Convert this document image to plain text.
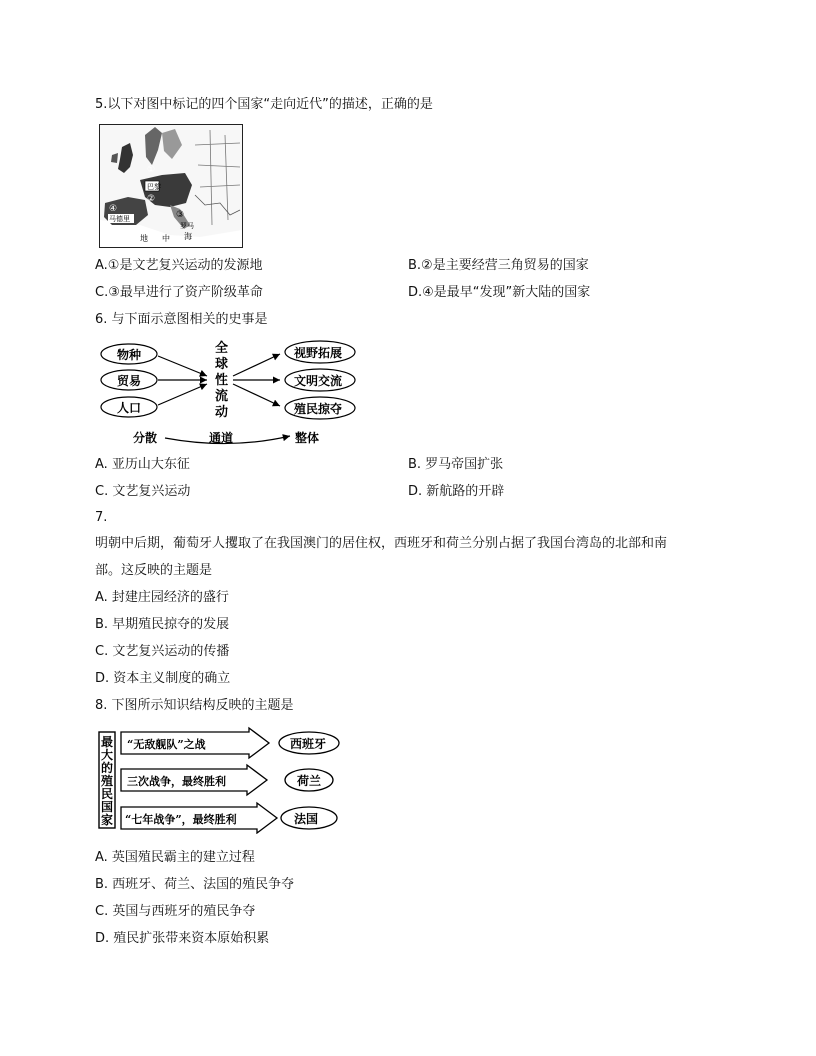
5.以下对图中标记的四个国家“走向近代”的描述，正确的是
巴黎
①
②
③
④
马德里
罗马
地 中 海
A.①是文艺复兴运动的发源地	B.②是主要经营三角贸易的国家
C.③最早进行了资产阶级革命	D.④是最早“发现”新大陆的国家
6. 与下面示意图相关的史事是
物种
贸易
人口
全
球
性
流
动
视野拓展
文明交流
殖民掠夺
分散	通道	整体
A. 亚历山大东征	B. 罗马帝国扩张
C. 文艺复兴运动	D. 新航路的开辟
7.
明朝中后期，葡萄牙人攫取了在我国澳门的居住权，西班牙和荷兰分别占据了我国台湾岛的北部和南
部。这反映的主题是
A. 封建庄园经济的盛行
B. 早期殖民掠夺的发展
C. 文艺复兴运动的传播
D. 资本主义制度的确立
8. 下图所示知识结构反映的主题是
最
大
的
殖
民
国
家
“无敌舰队”之战
三次战争，最终胜利
“七年战争”，最终胜利
西班牙
荷兰
法国
A. 英国殖民霸主的建立过程
B. 西班牙、荷兰、法国的殖民争夺
C. 英国与西班牙的殖民争夺
D. 殖民扩张带来资本原始积累
